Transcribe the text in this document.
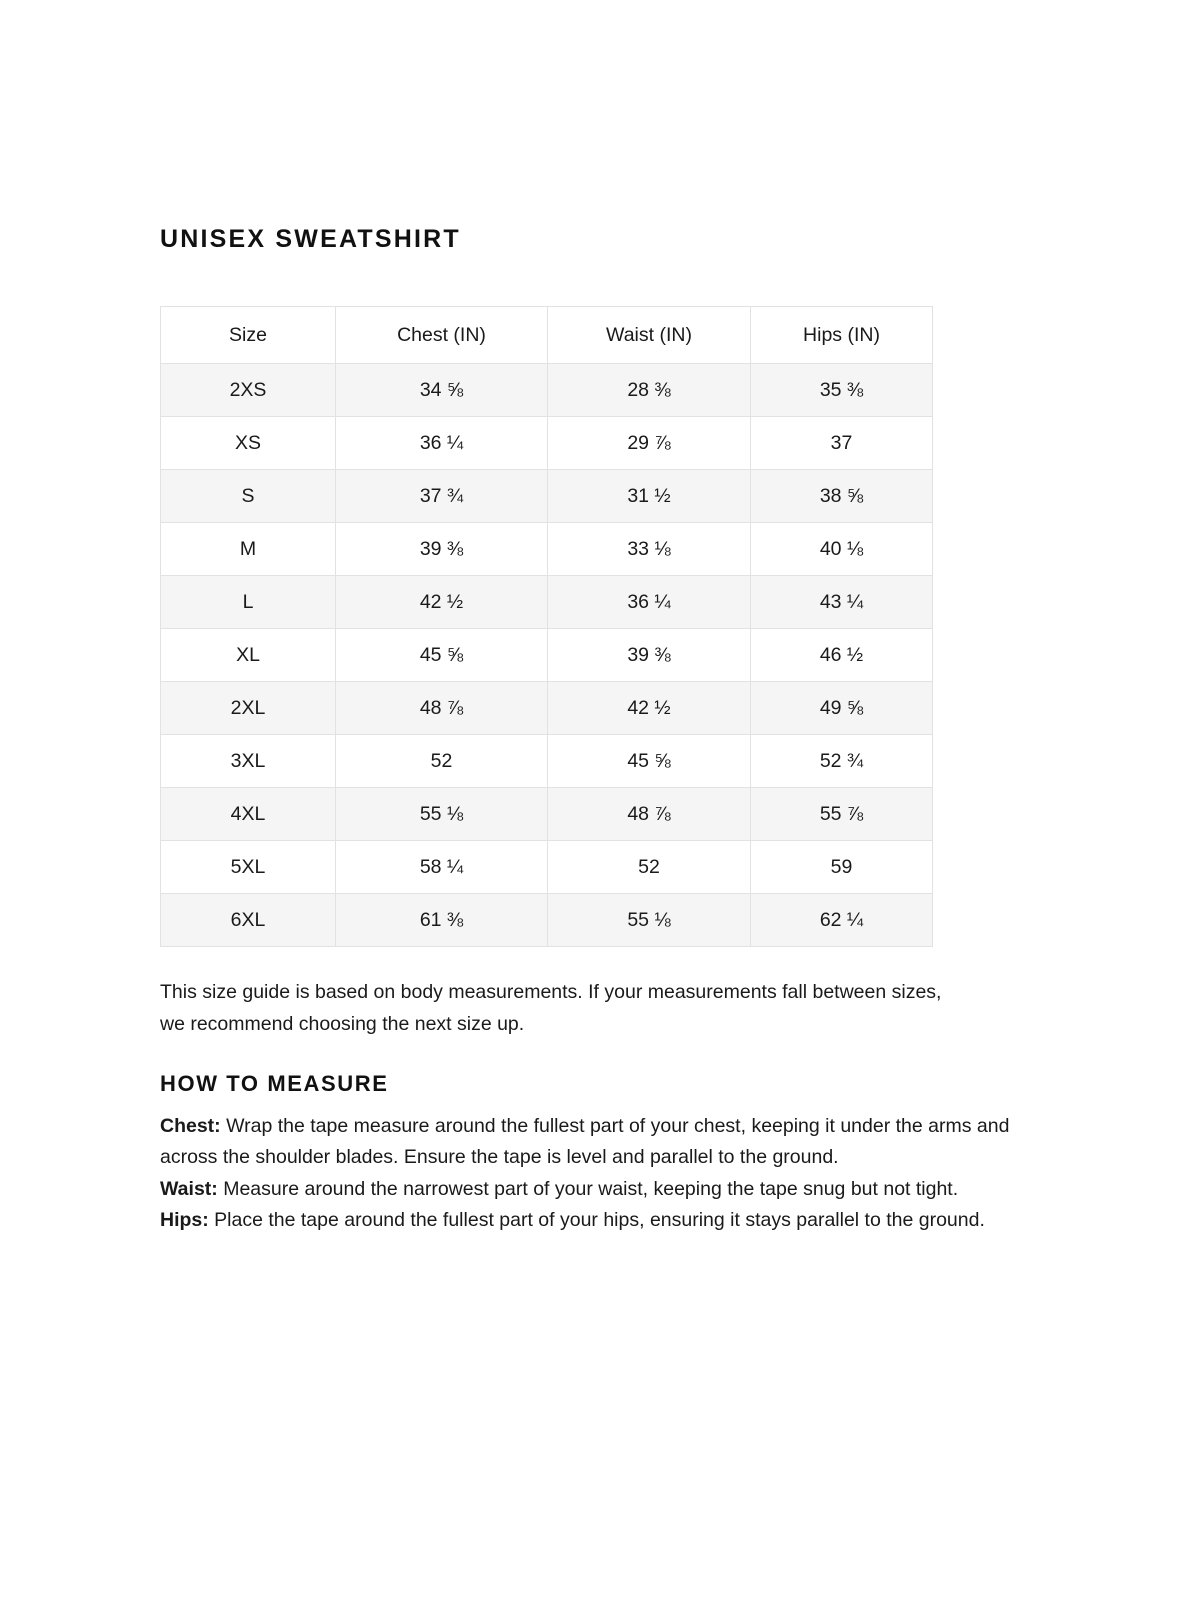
UNISEX SWEATSHIRT
Size	Chest (IN)	Waist (IN)	Hips (IN)
2XS	34 ⅝	28 ⅜	35 ⅜
XS	36 ¼	29 ⅞	37
S	37 ¾	31 ½	38 ⅝
M	39 ⅜	33 ⅛	40 ⅛
L	42 ½	36 ¼	43 ¼
XL	45 ⅝	39 ⅜	46 ½
2XL	48 ⅞	42 ½	49 ⅝
3XL	52	45 ⅝	52 ¾
4XL	55 ⅛	48 ⅞	55 ⅞
5XL	58 ¼	52	59
6XL	61 ⅜	55 ⅛	62 ¼

This size guide is based on body measurements. If your measurements fall between sizes, we recommend choosing the next size up.

HOW TO MEASURE

Chest: Wrap the tape measure around the fullest part of your chest, keeping it under the arms and across the shoulder blades. Ensure the tape is level and parallel to the ground.

Waist: Measure around the narrowest part of your waist, keeping the tape snug but not tight.

Hips: Place the tape around the fullest part of your hips, ensuring it stays parallel to the ground.
